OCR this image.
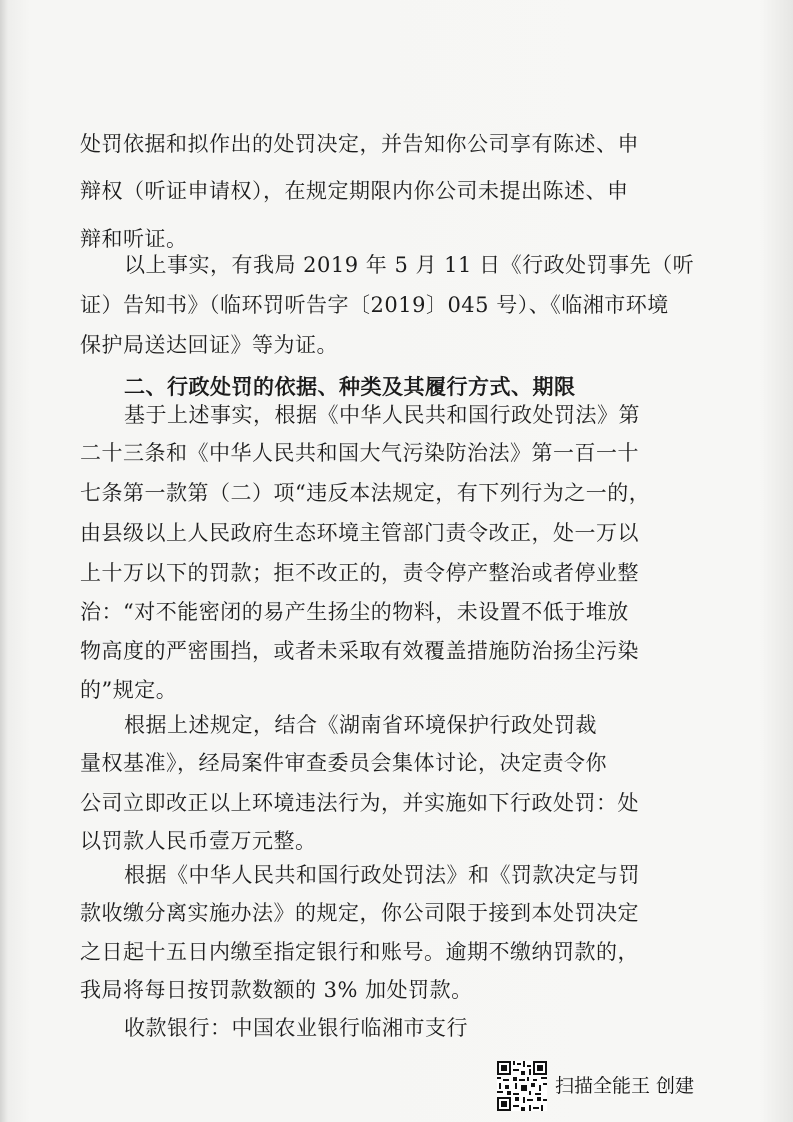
处罚依据和拟作出的处罚决定，并告知你公司享有陈述、申
辩权（听证申请权），在规定期限内你公司未提出陈述、申
辩和听证。
以上事实，有我局 2019 年 5 月 11 日《行政处罚事先（听
证）告知书》（临环罚听告字〔2019〕045 号）、《临湘市环境
保护局送达回证》等为证。
二、行政处罚的依据、种类及其履行方式、期限
基于上述事实，根据《中华人民共和国行政处罚法》第
二十三条和《中华人民共和国大气污染防治法》第一百一十
七条第一款第（二）项“违反本法规定，有下列行为之一的，
由县级以上人民政府生态环境主管部门责令改正，处一万以
上十万以下的罚款；拒不改正的，责令停产整治或者停业整
治：“对不能密闭的易产生扬尘的物料，未设置不低于堆放
物高度的严密围挡，或者未采取有效覆盖措施防治扬尘污染
的”规定。
根据上述规定，结合《湖南省环境保护行政处罚裁
量权基准》，经局案件审查委员会集体讨论，决定责令你
公司立即改正以上环境违法行为，并实施如下行政处罚：处
以罚款人民币壹万元整。
根据《中华人民共和国行政处罚法》和《罚款决定与罚
款收缴分离实施办法》的规定，你公司限于接到本处罚决定
之日起十五日内缴至指定银行和账号。逾期不缴纳罚款的，
我局将每日按罚款数额的 3% 加处罚款。
收款银行：中国农业银行临湘市支行
扫描全能王 创建
